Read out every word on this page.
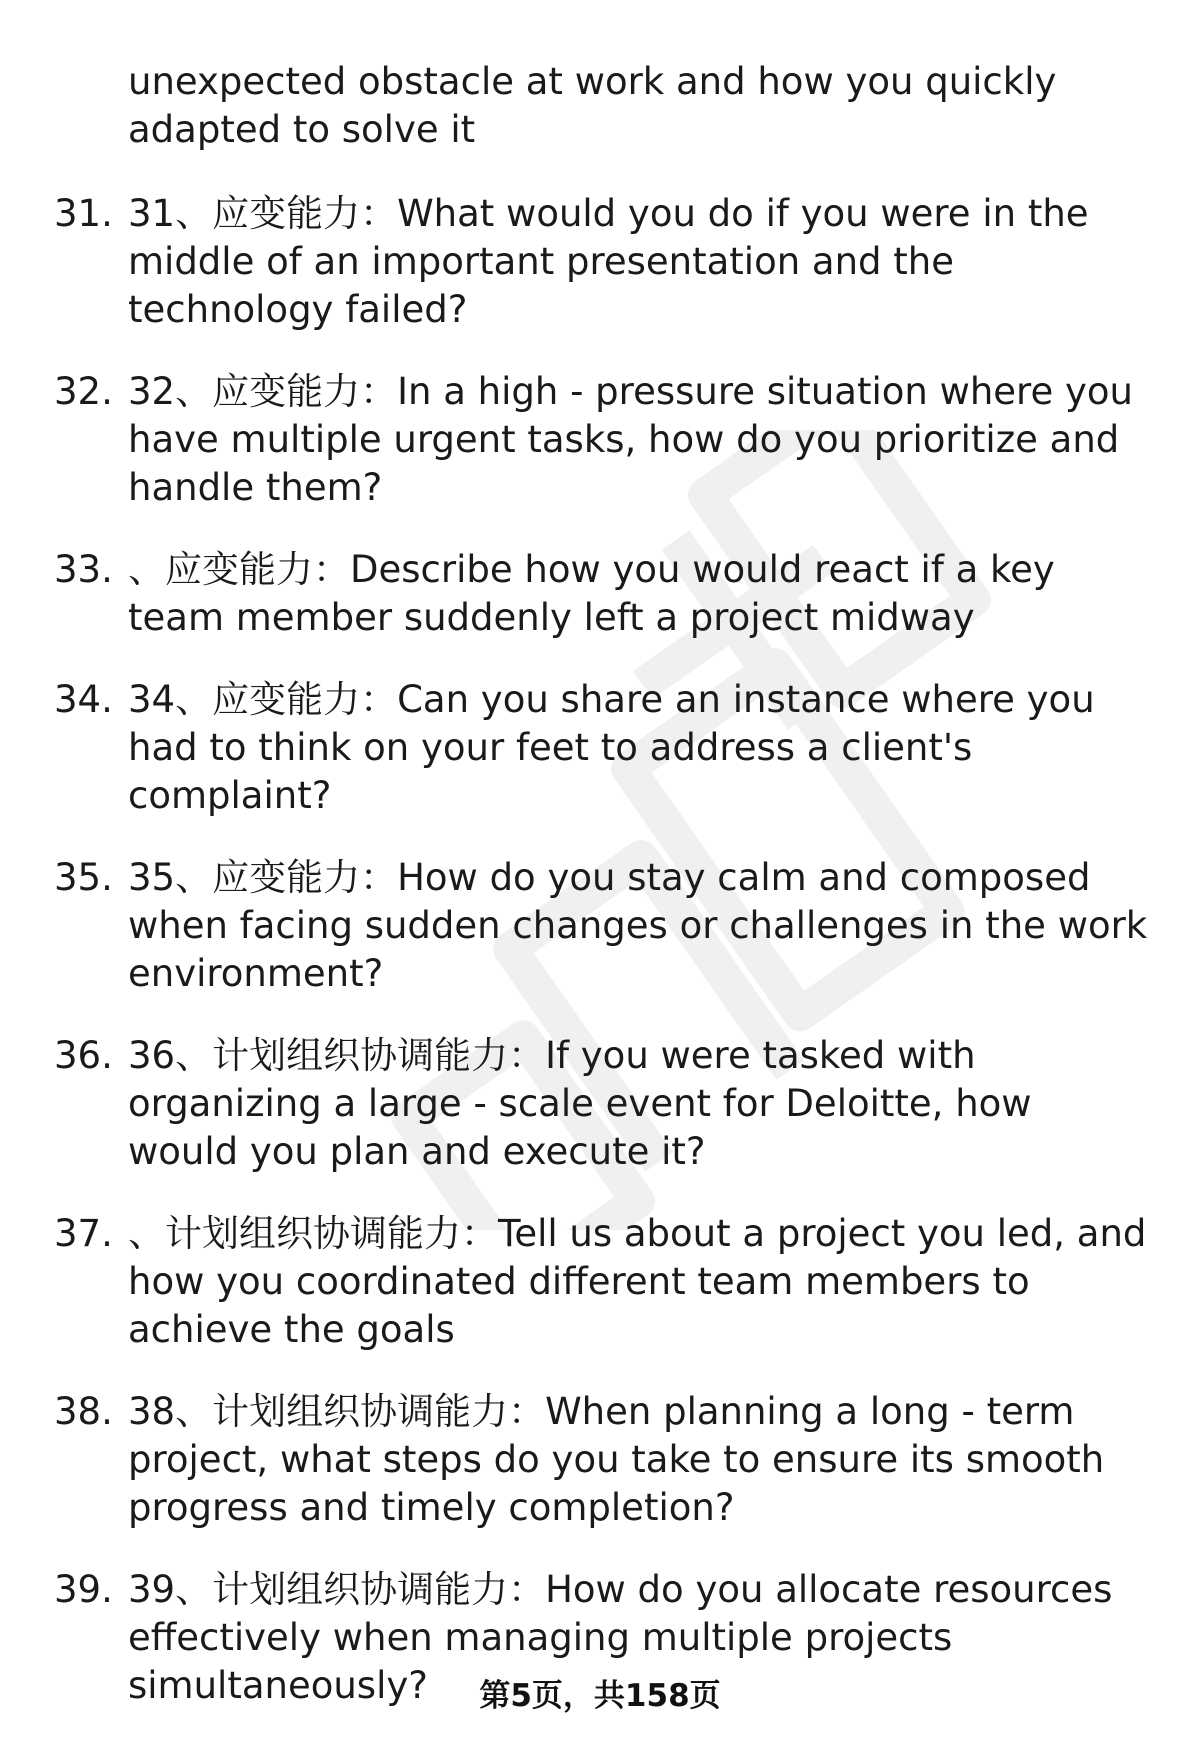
unexpected obstacle at work and how you quickly adapted to solve it
31. 31、应变能力：What would you do if you were in the middle of an important presentation and the technology failed?
32. 32、应变能力：In a high - pressure situation where you have multiple urgent tasks, how do you prioritize and handle them?
33. 、应变能力：Describe how you would react if a key team member suddenly left a project midway
34. 34、应变能力：Can you share an instance where you had to think on your feet to address a client's complaint?
35. 35、应变能力：How do you stay calm and composed when facing sudden changes or challenges in the work environment?
36. 36、计划组织协调能力：If you were tasked with organizing a large - scale event for Deloitte, how would you plan and execute it?
37. 、计划组织协调能力：Tell us about a project you led, and how you coordinated different team members to achieve the goals
38. 38、计划组织协调能力：When planning a long - term project, what steps do you take to ensure its smooth progress and timely completion?
39. 39、计划组织协调能力：How do you allocate resources effectively when managing multiple projects simultaneously?	第5页，共158页
